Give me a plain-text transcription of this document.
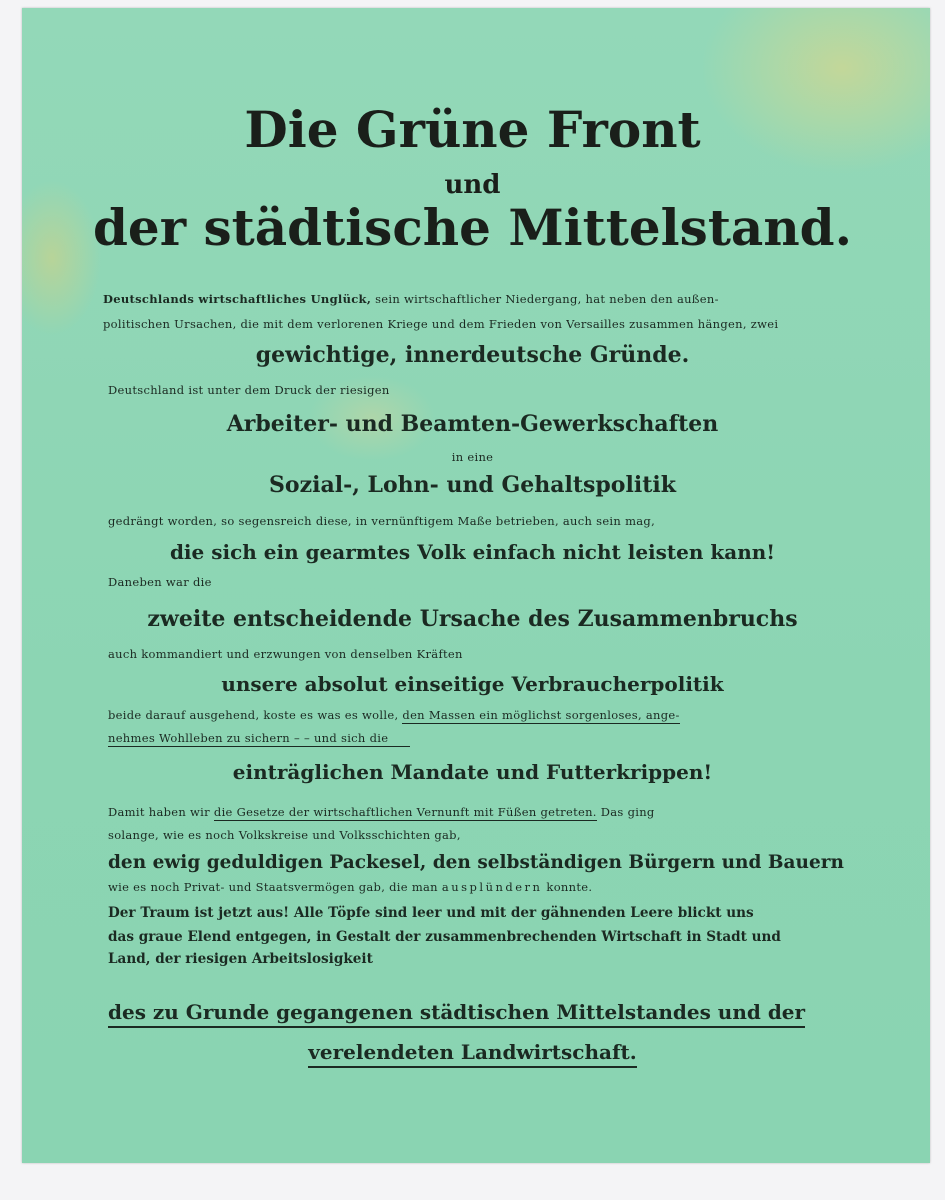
Die Grüne Front
und
der städtische Mittelstand.
Deutschlands wirtschaftliches Unglück, sein wirtschaftlicher Niedergang, hat neben den außen-
politischen Ursachen, die mit dem verlorenen Kriege und dem Frieden von Versailles zusammen hängen, zwei
gewichtige, innerdeutsche Gründe.
Deutschland ist unter dem Druck der riesigen
Arbeiter- und Beamten-Gewerkschaften
in eine
Sozial-, Lohn- und Gehaltspolitik
gedrängt worden, so segensreich diese, in vernünftigem Maße betrieben, auch sein mag,
die sich ein gearmtes Volk einfach nicht leisten kann!
Daneben war die
zweite entscheidende Ursache des Zusammenbruchs
auch kommandiert und erzwungen von denselben Kräften
unsere absolut einseitige Verbraucherpolitik
beide darauf ausgehend, koste es was es wolle, den Massen ein möglichst sorgenloses, ange-
nehmes Wohlleben zu sichern – – und sich die
einträglichen Mandate und Futterkrippen!
Damit haben wir die Gesetze der wirtschaftlichen Vernunft mit Füßen getreten. Das ging
solange, wie es noch Volkskreise und Volksschichten gab,
den ewig geduldigen Packesel, den selbständigen Bürgern und Bauern
wie es noch Privat- und Staatsvermögen gab, die man ausplündern konnte.
Der Traum ist jetzt aus! Alle Töpfe sind leer und mit der gähnenden Leere blickt uns
das graue Elend entgegen, in Gestalt der zusammenbrechenden Wirtschaft in Stadt und
Land, der riesigen Arbeitslosigkeit
des zu Grunde gegangenen städtischen Mittelstandes und der
verelendeten Landwirtschaft.
